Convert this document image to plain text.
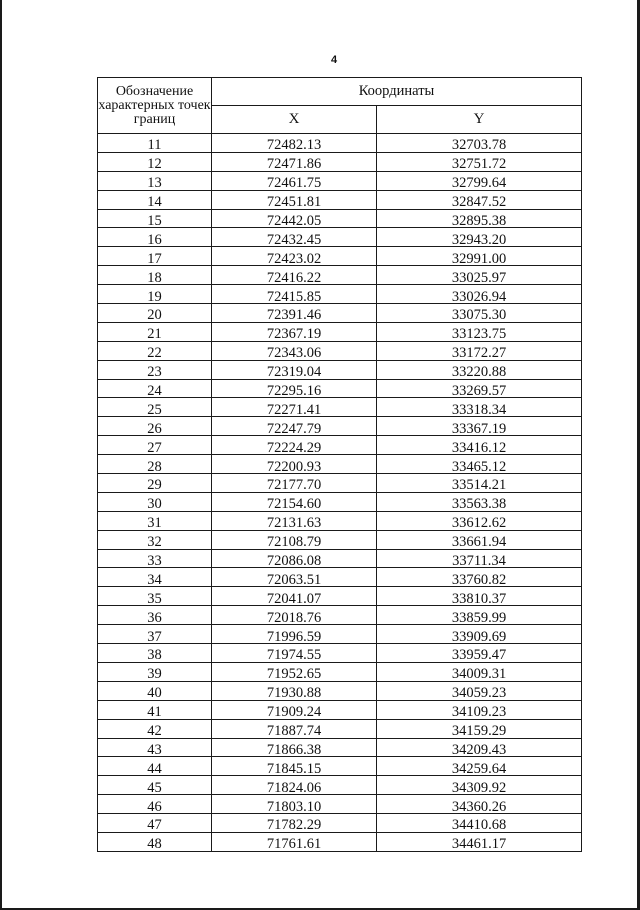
4
Обозначение характерных точек границ	Координаты	
	X	Y
11	72482.13	32703.78
12	72471.86	32751.72
13	72461.75	32799.64
14	72451.81	32847.52
15	72442.05	32895.38
16	72432.45	32943.20
17	72423.02	32991.00
18	72416.22	33025.97
19	72415.85	33026.94
20	72391.46	33075.30
21	72367.19	33123.75
22	72343.06	33172.27
23	72319.04	33220.88
24	72295.16	33269.57
25	72271.41	33318.34
26	72247.79	33367.19
27	72224.29	33416.12
28	72200.93	33465.12
29	72177.70	33514.21
30	72154.60	33563.38
31	72131.63	33612.62
32	72108.79	33661.94
33	72086.08	33711.34
34	72063.51	33760.82
35	72041.07	33810.37
36	72018.76	33859.99
37	71996.59	33909.69
38	71974.55	33959.47
39	71952.65	34009.31
40	71930.88	34059.23
41	71909.24	34109.23
42	71887.74	34159.29
43	71866.38	34209.43
44	71845.15	34259.64
45	71824.06	34309.92
46	71803.10	34360.26
47	71782.29	34410.68
48	71761.61	34461.17
